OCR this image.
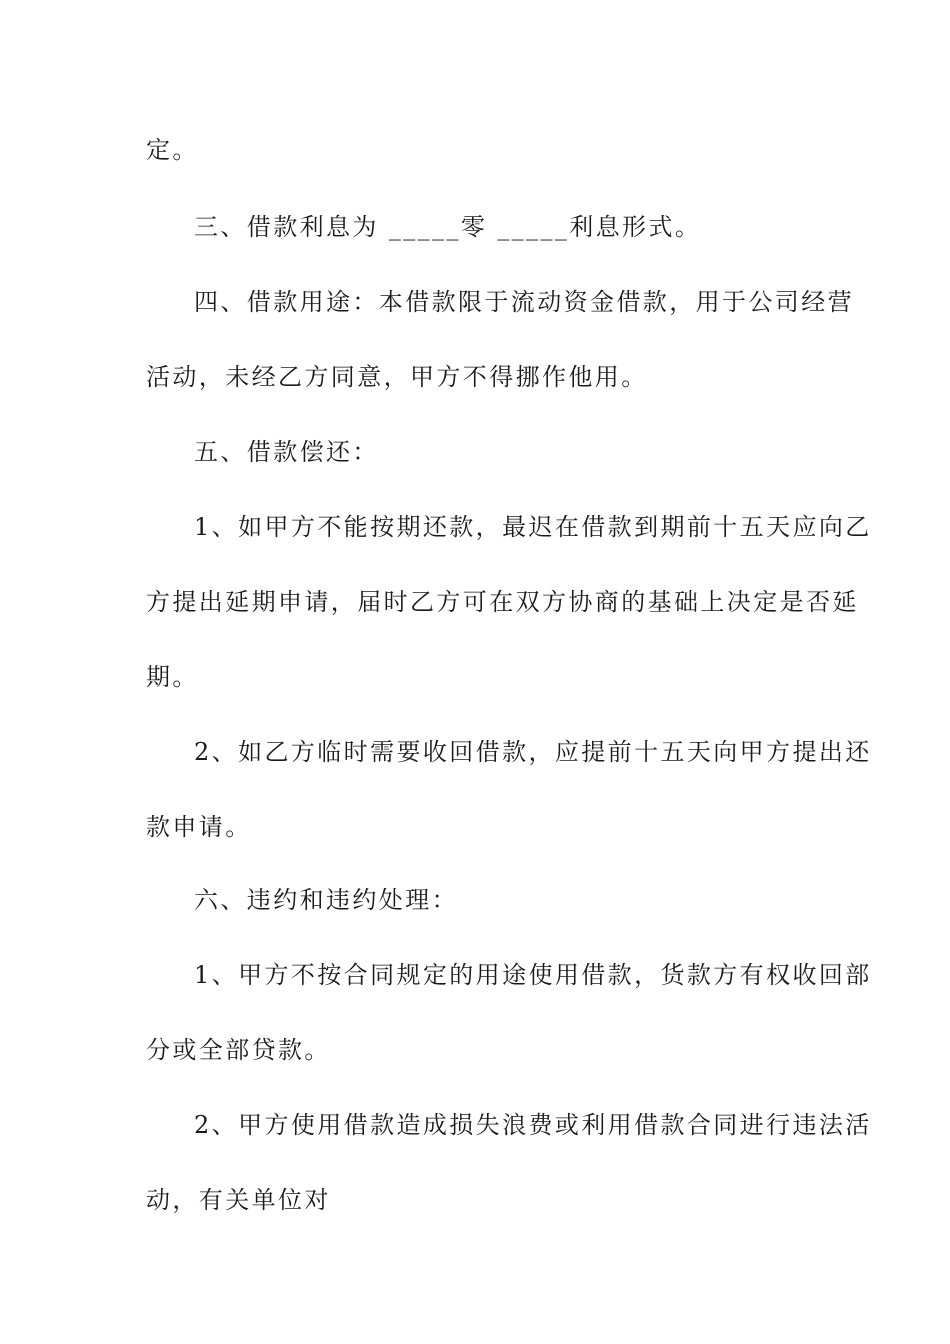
定。
三、借款利息为 _____零 _____利息形式。
四、借款用途：本借款限于流动资金借款，用于公司经营
活动，未经乙方同意，甲方不得挪作他用。
五、借款偿还：
1、如甲方不能按期还款，最迟在借款到期前十五天应向乙
方提出延期申请，届时乙方可在双方协商的基础上决定是否延
期。
2、如乙方临时需要收回借款，应提前十五天向甲方提出还
款申请。
六、违约和违约处理：
1、甲方不按合同规定的用途使用借款，货款方有权收回部
分或全部贷款。
2、甲方使用借款造成损失浪费或利用借款合同进行违法活
动，有关单位对
